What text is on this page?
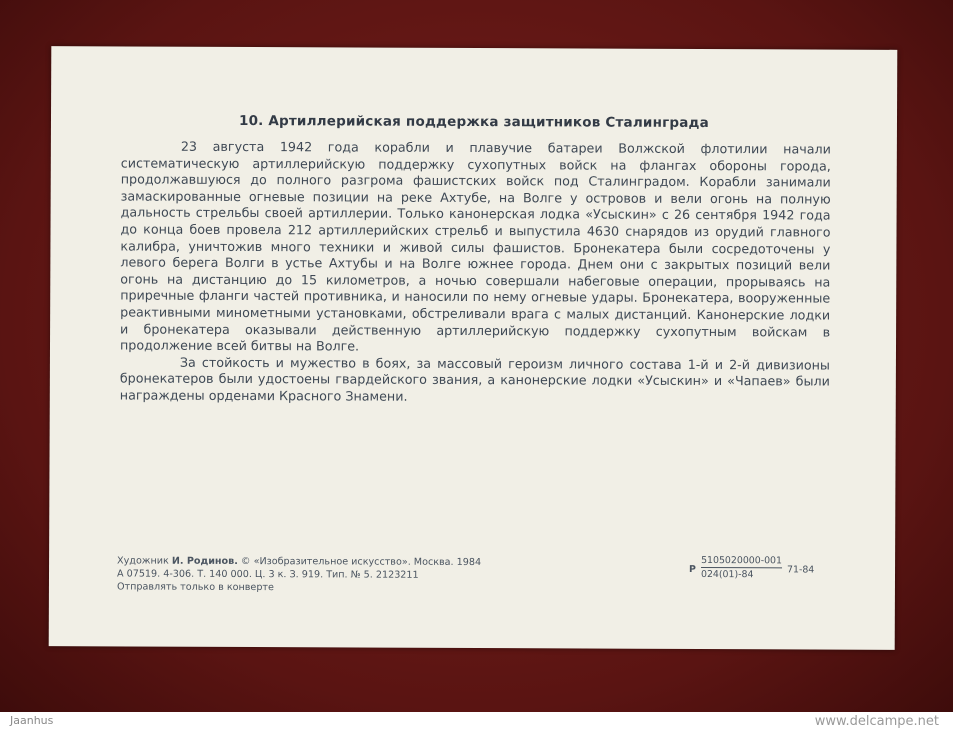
10. Артиллерийская поддержка защитников Сталинграда

23 августа 1942 года корабли и плавучие батареи Волжской флотилии начали систематическую артиллерийскую поддержку сухопутных войск на флангах обороны города, продолжавшуюся до полного разгрома фашистских войск под Сталинградом. Корабли занимали замаскированные огневые позиции на реке Ахтубе, на Волге у островов и вели огонь на полную дальность стрельбы своей артиллерии. Только канонерская лодка «Усыскин» с 26 сентября 1942 года до конца боев провела 212 артиллерийских стрельб и выпустила 4630 снарядов из орудий главного калибра, уничтожив много техники и живой силы фашистов. Бронекатера были сосредоточены у левого берега Волги в устье Ахтубы и на Волге южнее города. Днем они с закрытых позиций вели огонь на дистанцию до 15 километров, а ночью совершали набеговые операции, прорываясь на приречные фланги частей противника, и наносили по нему огневые удары. Бронекатера, вооруженные реактивными минометными установками, обстреливали врага с малых дистанций. Канонерские лодки и бронекатера оказывали действенную артиллерийскую поддержку сухопутным войскам в продолжение всей битвы на Волге.

За стойкость и мужество в боях, за массовый героизм личного состава 1-й и 2-й дивизионы бронекатеров были удостоены гвардейского звания, а канонерские лодки «Усыскин» и «Чапаев» были награждены орденами Красного Знамени.

Художник И. Родинов. © «Изобразительное искусство». Москва. 1984
А 07519. 4-306. Т. 140 000. Ц. 3 к. З. 919. Тип. № 5. 2123211
Отправлять только в конверте
Р $\frac{5105020000-001}{024(01)-84} 71-84$
Jaanhus	www.delcampe.net
